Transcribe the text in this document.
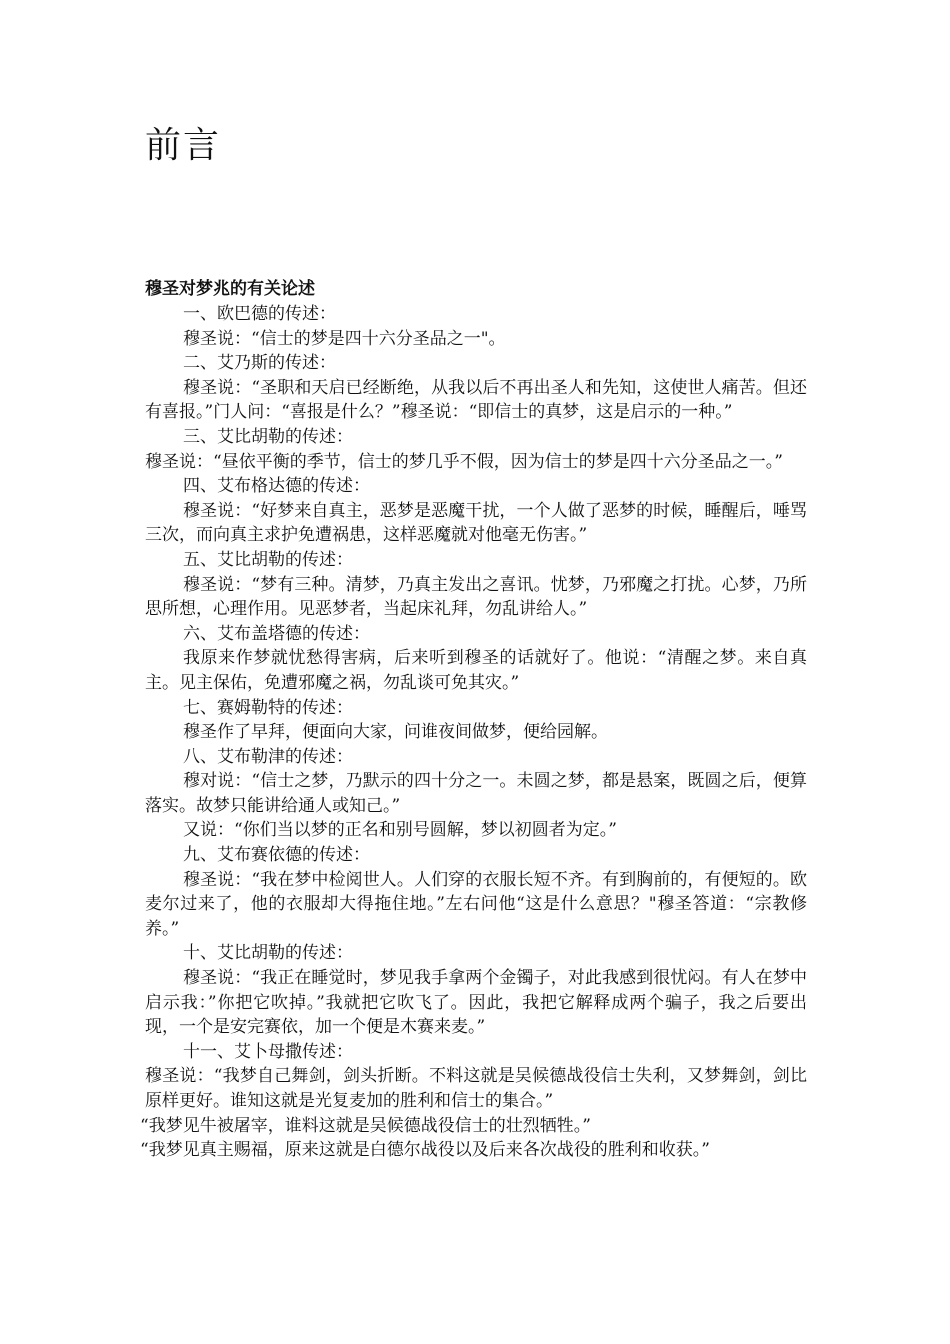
前言
穆圣对梦兆的有关论述

一、欧巴德的传述：

穆圣说：“信士的梦是四十六分圣品之一"。

二、艾乃斯的传述：

穆圣说：“圣职和天启已经断绝，从我以后不再出圣人和先知，这使世人痛苦。但还有喜报。”门人问：“喜报是什么？”穆圣说：“即信士的真梦，这是启示的一种。”

三、艾比胡勒的传述：

穆圣说：“昼依平衡的季节，信士的梦几乎不假，因为信士的梦是四十六分圣品之一。”

四、艾布格达德的传述：

穆圣说：“好梦来自真主，恶梦是恶魔干扰，一个人做了恶梦的时候，睡醒后，唾骂三次，而向真主求护免遭祸患，这样恶魔就对他毫无伤害。”

五、艾比胡勒的传述：

穆圣说：“梦有三种。清梦，乃真主发出之喜讯。忧梦，乃邪魔之打扰。心梦，乃所思所想，心理作用。见恶梦者，当起床礼拜，勿乱讲给人。”

六、艾布盖塔德的传述：

我原来作梦就忧愁得害病，后来听到穆圣的话就好了。他说：“清醒之梦。来自真主。见主保佑，免遭邪魔之祸，勿乱谈可免其灾。”

七、赛姆勒特的传述：

穆圣作了早拜，便面向大家，问谁夜间做梦，便给园解。

八、艾布勒津的传述：

穆对说：“信士之梦，乃默示的四十分之一。未圆之梦，都是悬案，既圆之后，便算落实。故梦只能讲给通人或知己。”

又说：“你们当以梦的正名和别号圆解，梦以初圆者为定。”

九、艾布赛依德的传述：

穆圣说：“我在梦中检阅世人。人们穿的衣服长短不齐。有到胸前的，有便短的。欧麦尔过来了，他的衣服却大得拖住地。”左右问他“这是什么意思？"穆圣答道：“宗教修养。”

十、艾比胡勒的传述：

穆圣说：“我正在睡觉时，梦见我手拿两个金镯子，对此我感到很忧闷。有人在梦中启示我：”你把它吹掉。”我就把它吹飞了。因此，我把它解释成两个骗子，我之后要出现，一个是安完赛依，加一个便是木赛来麦。”

十一、艾卜母撒传述：

穆圣说：“我梦自己舞剑，剑头折断。不料这就是吴候德战役信士失利，又梦舞剑，剑比原样更好。谁知这就是光复麦加的胜利和信士的集合。”

“我梦见牛被屠宰，谁料这就是吴候德战役信士的壮烈牺牲。”

“我梦见真主赐福，原来这就是白德尔战役以及后来各次战役的胜利和收获。”
